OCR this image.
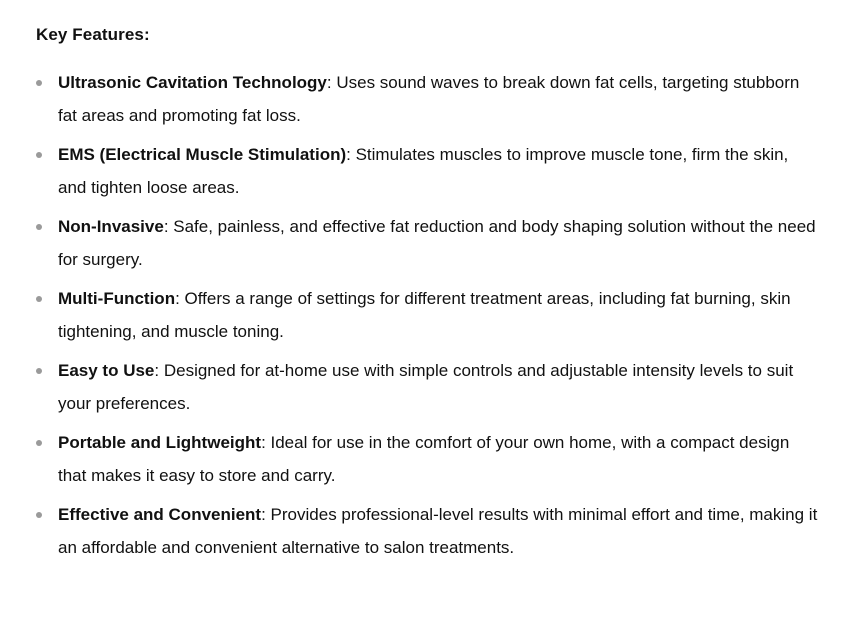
Key Features:
Ultrasonic Cavitation Technology: Uses sound waves to break down fat cells, targeting stubborn fat areas and promoting fat loss.
EMS (Electrical Muscle Stimulation): Stimulates muscles to improve muscle tone, firm the skin, and tighten loose areas.
Non-Invasive: Safe, painless, and effective fat reduction and body shaping solution without the need for surgery.
Multi-Function: Offers a range of settings for different treatment areas, including fat burning, skin tightening, and muscle toning.
Easy to Use: Designed for at-home use with simple controls and adjustable intensity levels to suit your preferences.
Portable and Lightweight: Ideal for use in the comfort of your own home, with a compact design that makes it easy to store and carry.
Effective and Convenient: Provides professional-level results with minimal effort and time, making it an affordable and convenient alternative to salon treatments.
